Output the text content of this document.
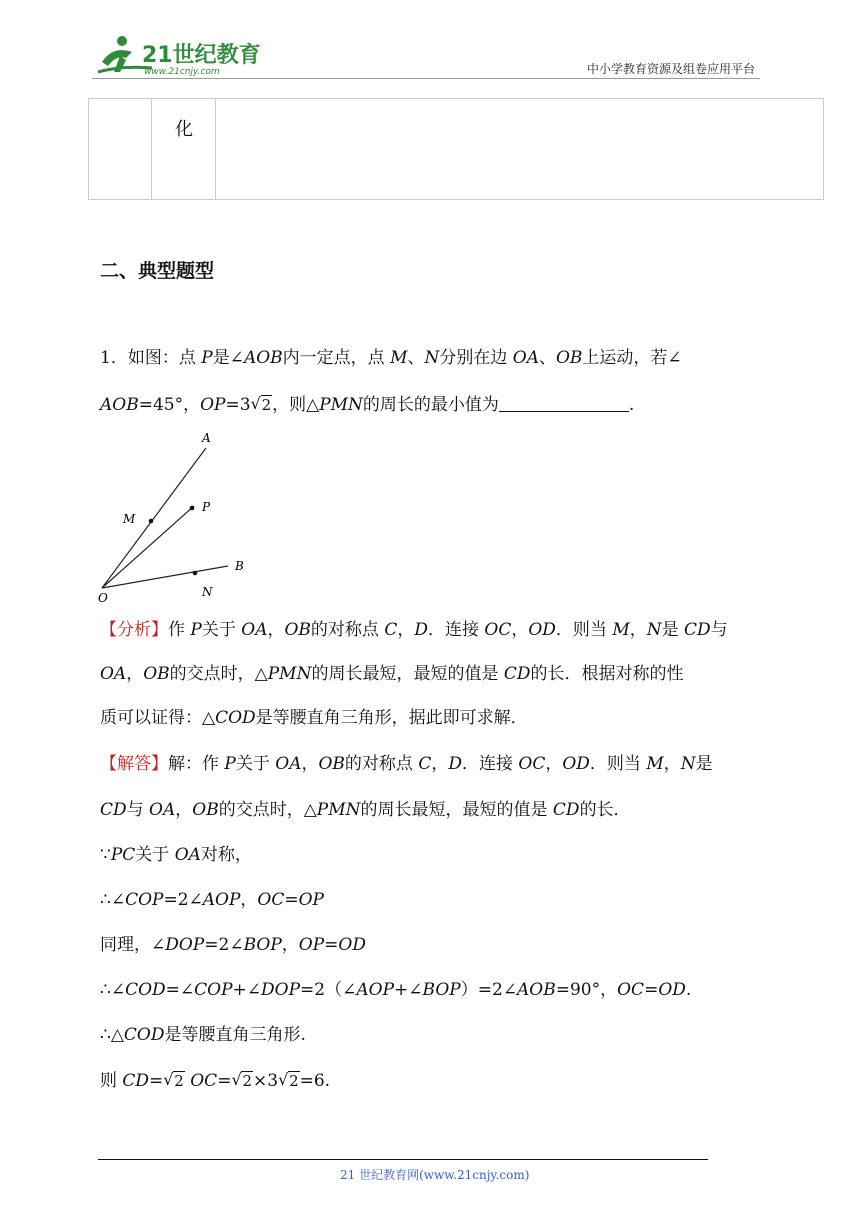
21世纪教育
www.21cnjy.com	中小学教育资源及组卷应用平台
化
二、典型题型
1．如图：点 P是∠AOB内一定点，点 M、N分别在边 OA、OB上运动，若∠
AOB=45°，OP=3 √ 2，则△PMN的周长的最小值为	.
A
P
M
B
O	N
【分析】作 P关于 OA，OB的对称点 C，D．连接 OC，OD．则当 M，N是 CD与
OA，OB的交点时，△PMN的周长最短，最短的值是 CD的长．根据对称的性
质可以证得：△COD是等腰直角三角形，据此即可求解．
【解答】解：作 P关于 OA，OB的对称点 C，D．连接 OC，OD．则当 M，N是
CD与 OA，OB的交点时，△PMN的周长最短，最短的值是 CD的长．
∵PC关于 OA对称，
∴∠COP=2∠AOP，OC=OP
同理，∠DOP=2∠BOP，OP=OD
∴∠COD=∠COP+∠DOP=2（∠AOP+∠BOP）=2∠AOB=90°，OC=OD.
∴△COD是等腰直角三角形.
则 CD= √ 2 OC= √ 2×3 √ 2=6.
21 世纪教育网(www.21cnjy.com)
